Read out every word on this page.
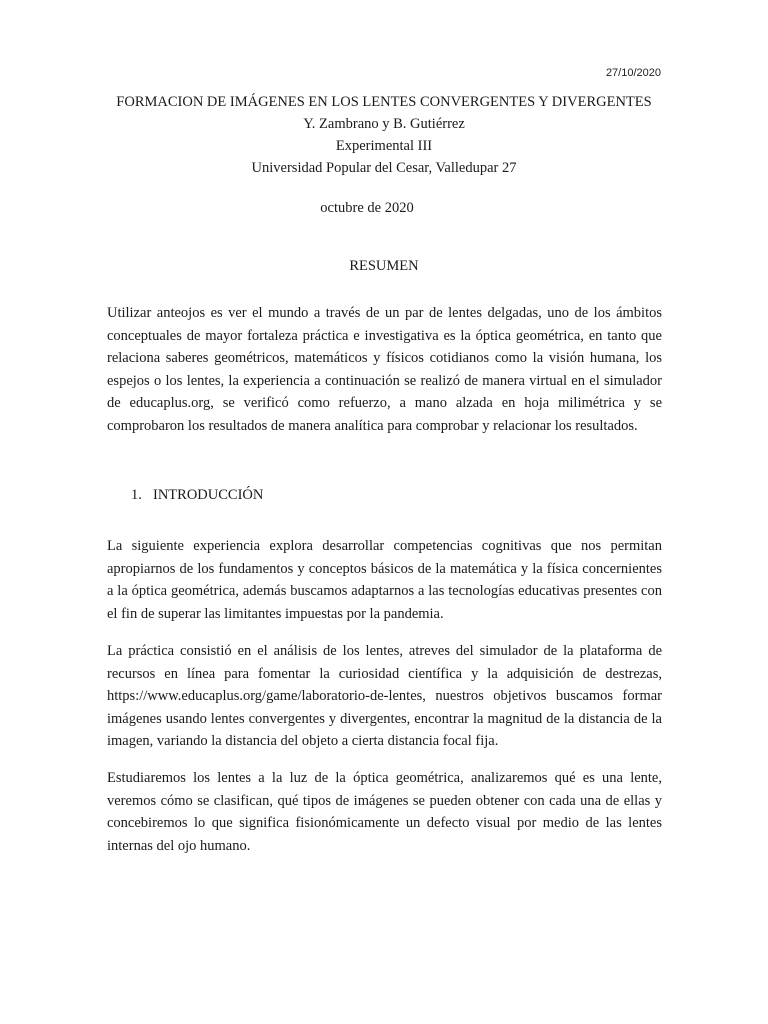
27/10/2020
FORMACION DE IMÁGENES EN LOS LENTES CONVERGENTES Y DIVERGENTES
Y. Zambrano y B. Gutiérrez
Experimental III
Universidad Popular del Cesar, Valledupar 27
octubre de 2020
RESUMEN

Utilizar anteojos es ver el mundo a través de un par de lentes delgadas, uno de los ámbitos conceptuales de mayor fortaleza práctica e investigativa es la óptica geométrica, en tanto que relaciona saberes geométricos, matemáticos y físicos cotidianos como la visión humana, los espejos o los lentes, la experiencia a continuación se realizó de manera virtual en el simulador de educaplus.org, se verificó como refuerzo, a mano alzada en hoja milimétrica y se comprobaron los resultados de manera analítica para comprobar y relacionar los resultados.

1. INTRODUCCIÓN

La siguiente experiencia explora desarrollar competencias cognitivas que nos permitan apropiarnos de los fundamentos y conceptos básicos de la matemática y la física concernientes a la óptica geométrica, además buscamos adaptarnos a las tecnologías educativas presentes con el fin de superar las limitantes impuestas por la pandemia.

La práctica consistió en el análisis de los lentes, atreves del simulador de la plataforma de recursos en línea para fomentar la curiosidad científica y la adquisición de destrezas, https://www.educaplus.org/game/laboratorio-de-lentes, nuestros objetivos buscamos formar imágenes usando lentes convergentes y divergentes, encontrar la magnitud de la distancia de la imagen, variando la distancia del objeto a cierta distancia focal fija.

Estudiaremos los lentes a la luz de la óptica geométrica, analizaremos qué es una lente, veremos cómo se clasifican, qué tipos de imágenes se pueden obtener con cada una de ellas y concebiremos lo que significa fisionómicamente un defecto visual por medio de las lentes internas del ojo humano.
